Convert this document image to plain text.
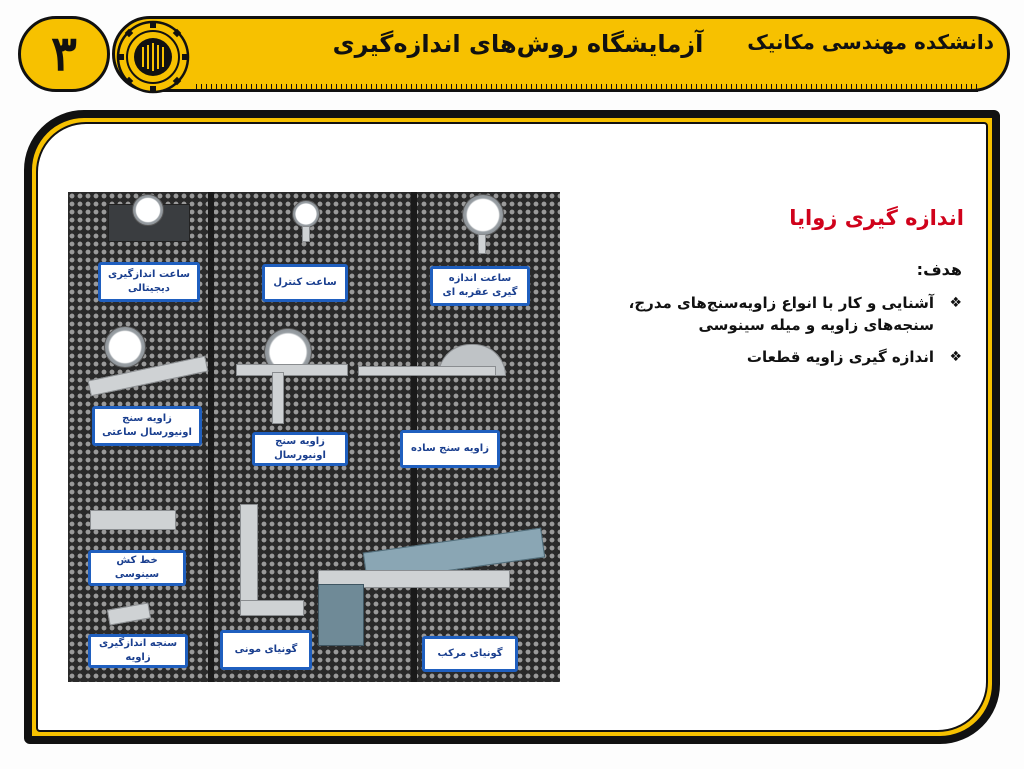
دانشکده مهندسی مکانیک
آزمایشگاه روش‌های اندازه‌گیری
۳
ساعت اندازگیری دیجیتالی
زاویه سنج اونیورسال ساعتی
خط کش سینوسی
سنجه اندازگیری زاویه
ساعت کنترل
زاویه سنج اونیورسال
گونیای مونی
ساعت اندازه گیری عقربه ای
زاویه سنج ساده
گونیای مرکب
اندازه گیری زوایا
هدف:
❖
آشنایی و کار با انواع زاویه‌سنج‌های مدرج، سنجه‌های زاویه و میله سینوسی
❖
اندازه گیری زاویه قطعات
